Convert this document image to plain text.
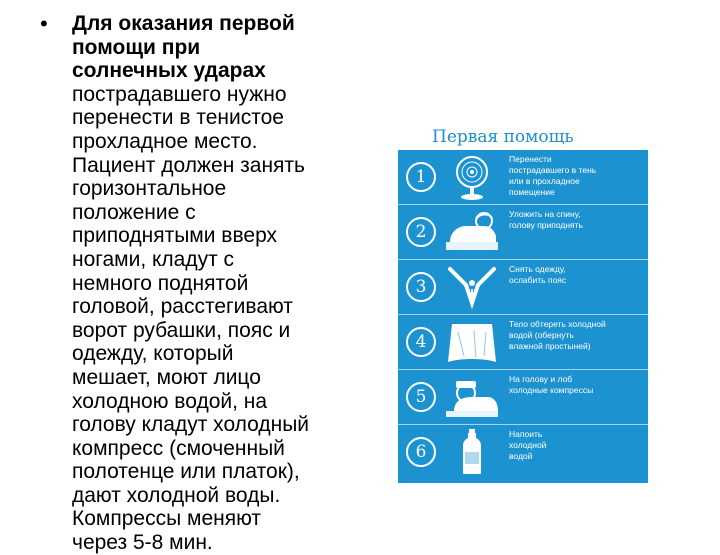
• Для оказания первой
помощи при
солнечных ударах
пострадавшего нужно
перенести в тенистое
прохладное место.
Пациент должен занять
горизонтальное
положение с
приподнятыми вверх
ногами, кладут с
немного поднятой
головой, расстегивают
ворот рубашки, пояс и
одежду, который
мешает, моют лицо
холодною водой, на
голову кладут холодный
компресс (смоченный
полотенце или платок),
дают холодной воды.
Компрессы меняют
через 5-8 мин.
Первая помощь
1
Перенести
пострадавшего в тень
или в прохладное
помещение
2
Уложить на спину,
голову приподнять
3
Снять одежду,
ослабить пояс
4
Тело обтереть холодной
водой (обернуть
влажной простыней)
5
На голову и лоб
холодные компрессы
6
Напоить
холодной
водой
